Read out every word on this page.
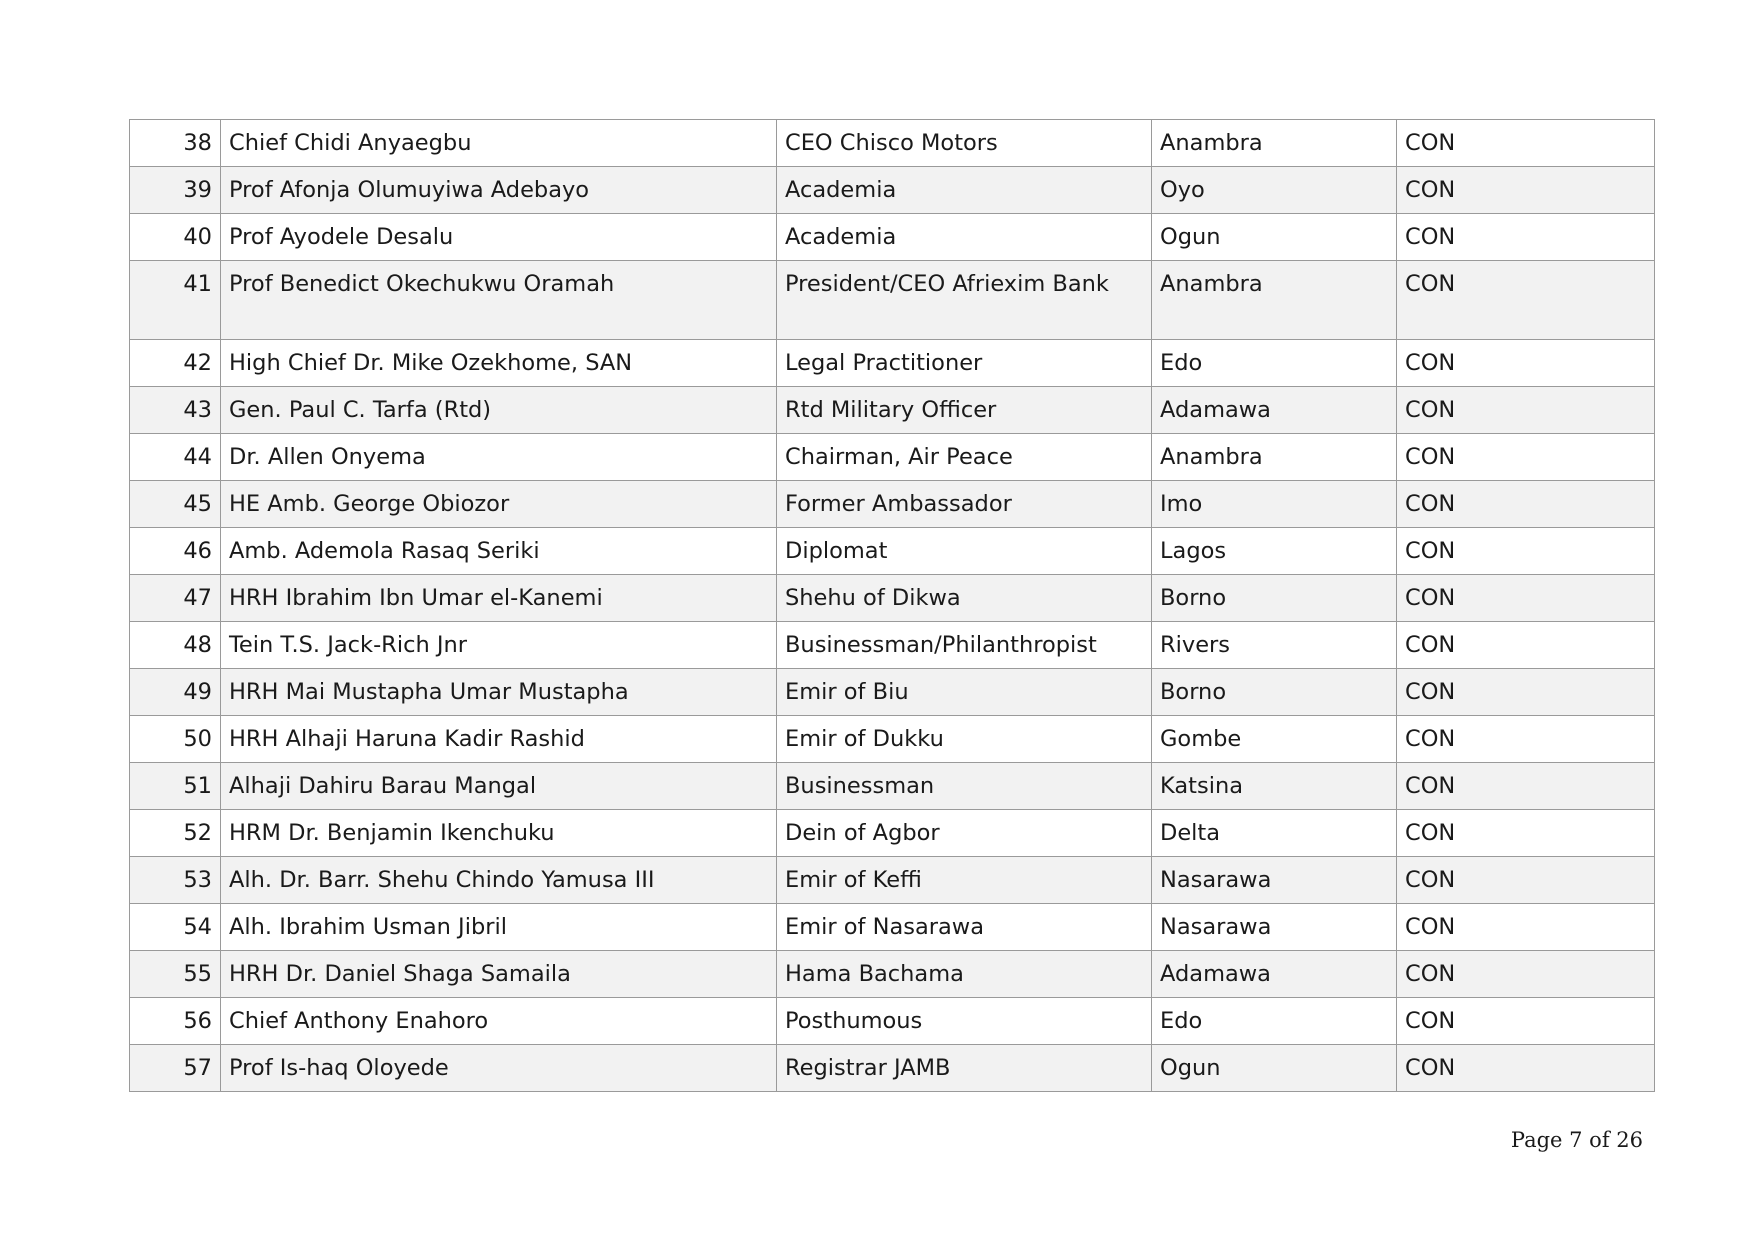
38	Chief Chidi Anyaegbu	CEO Chisco Motors	Anambra	CON
39	Prof Afonja Olumuyiwa Adebayo	Academia	Oyo	CON
40	Prof Ayodele Desalu	Academia	Ogun	CON
41	Prof Benedict Okechukwu Oramah	President/CEO Afriexim Bank	Anambra	CON
42	High Chief Dr. Mike Ozekhome, SAN	Legal Practitioner	Edo	CON
43	Gen. Paul C. Tarfa (Rtd)	Rtd Military Officer	Adamawa	CON
44	Dr. Allen Onyema	Chairman, Air Peace	Anambra	CON
45	HE Amb. George Obiozor	Former Ambassador	Imo	CON
46	Amb. Ademola Rasaq Seriki	Diplomat	Lagos	CON
47	HRH Ibrahim Ibn Umar el-Kanemi	Shehu of Dikwa	Borno	CON
48	Tein T.S. Jack-Rich Jnr	Businessman/Philanthropist	Rivers	CON
49	HRH Mai Mustapha Umar Mustapha	Emir of Biu	Borno	CON
50	HRH Alhaji Haruna Kadir Rashid	Emir of Dukku	Gombe	CON
51	Alhaji Dahiru Barau Mangal	Businessman	Katsina	CON
52	HRM Dr. Benjamin Ikenchuku	Dein of Agbor	Delta	CON
53	Alh. Dr. Barr. Shehu Chindo Yamusa III	Emir of Keffi	Nasarawa	CON
54	Alh. Ibrahim Usman Jibril	Emir of Nasarawa	Nasarawa	CON
55	HRH Dr. Daniel Shaga Samaila	Hama Bachama	Adamawa	CON
56	Chief Anthony Enahoro	Posthumous	Edo	CON
57	Prof Is-haq Oloyede	Registrar JAMB	Ogun	CON
Page 7 of 26
